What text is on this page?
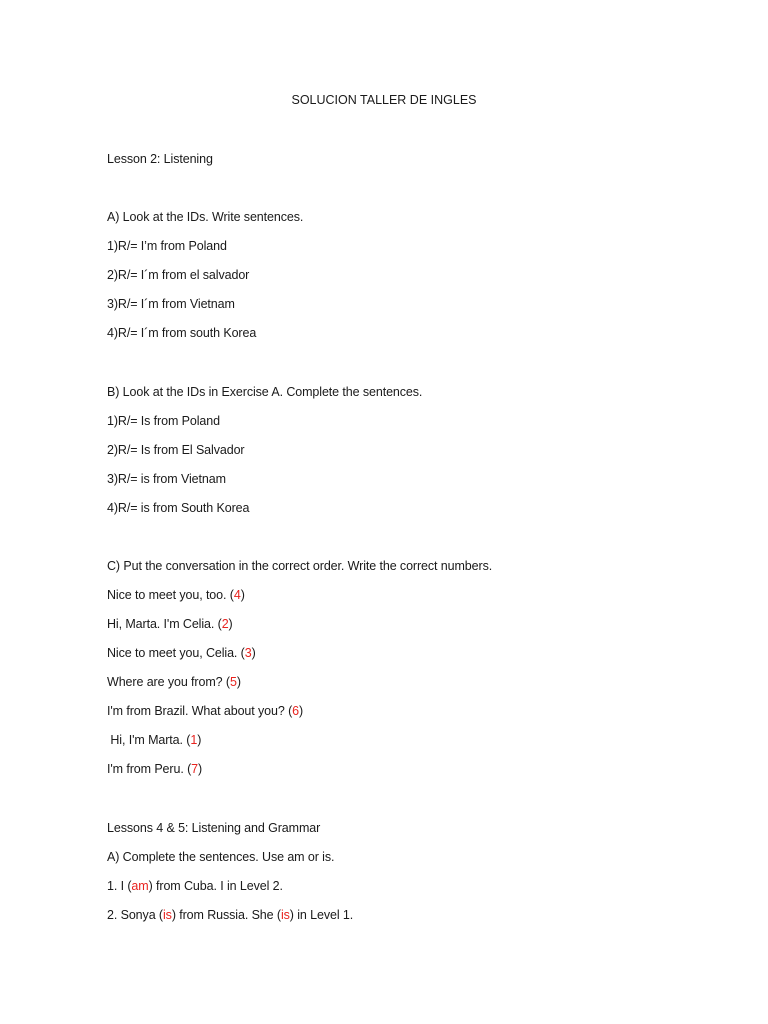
SOLUCION TALLER DE INGLES
Lesson 2: Listening
A) Look at the IDs. Write sentences.
1)R/= I’m from Poland
2)R/= I´m from el salvador
3)R/= I´m from Vietnam
4)R/= I´m from south Korea
B) Look at the IDs in Exercise A. Complete the sentences.
1)R/= Is from Poland
2)R/= Is from El Salvador
3)R/= is from Vietnam
4)R/= is from South Korea
C) Put the conversation in the correct order. Write the correct numbers.
Nice to meet you, too. (4)
Hi, Marta. I'm Celia. (2)
Nice to meet you, Celia. (3)
Where are you from? (5)
I'm from Brazil. What about you? (6)
Hi, I'm Marta. (1)
I'm from Peru. (7)
Lessons 4 & 5: Listening and Grammar
A) Complete the sentences. Use am or is.
1. I (am) from Cuba. I in Level 2.
2. Sonya (is) from Russia. She (is) in Level 1.
